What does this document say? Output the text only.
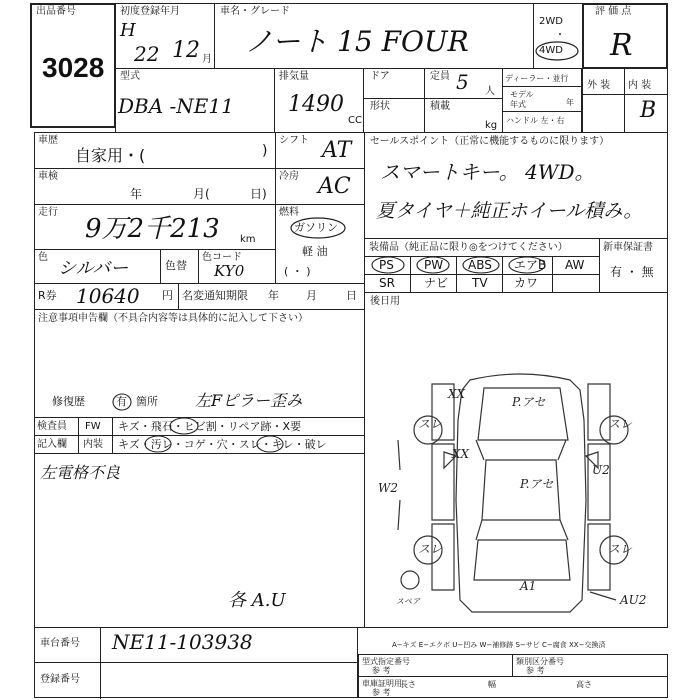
出品番号
3028
初度登録年月
H
22 12 月
車名・グレード
ノート 15 FOUR
2WD
・
4WD
評 価 点
R
型式
DBA -NE11
排気量
1490
CC
ドア	定員 5 人
形状	積載
kg
ディーラー・並行
モデル 年式	年
ハンドル 左・右
外 装 内 装
B
車歴
自家用・(	)
シフト AT セールスポイント（正常に機能するものに限ります）
スマートキー。 4WD。
夏タイヤ＋純正ホイール積み。
車検
年	月(	日)
冷房 AC
走行
9万2千213 km
燃料
ガソリン
軽 油
( ・ )
色
シルバー	色替
色コード
KY0
装備品（純正品に限り◎をつけてください）
PS	PW ABS エアB AW
SR ナビ TV カワ
新車保証書
有 ・ 無
R券 10640 円 名変通知期限 年 月	日
注意事項申告欄（不具合内容等は具体的に記入して下さい）
修復歴	有 箇所 左Fピラー歪み
後日用
検査員
記入欄
FW キズ・飛石・ヒビ割・リペア跡・X要
内装 キズ・汚レ・コゲ・穴・スレ・キレ・破レ
左電格不良
各 A.U
XX
XX
P.アセ
P.アセ
スレ	スレ
スレ	スレ
U2
W2
A1
AU2
スペア
A−キズ E−エクボ U−凹み W−補修跡 S−サビ C−腐食 XX−交換済
車台番号 NE11-103938
登録番号
型式指定番号
参 考
類別区分番号
参 考
車庫証明用
参 考
長さ	幅	高さ
